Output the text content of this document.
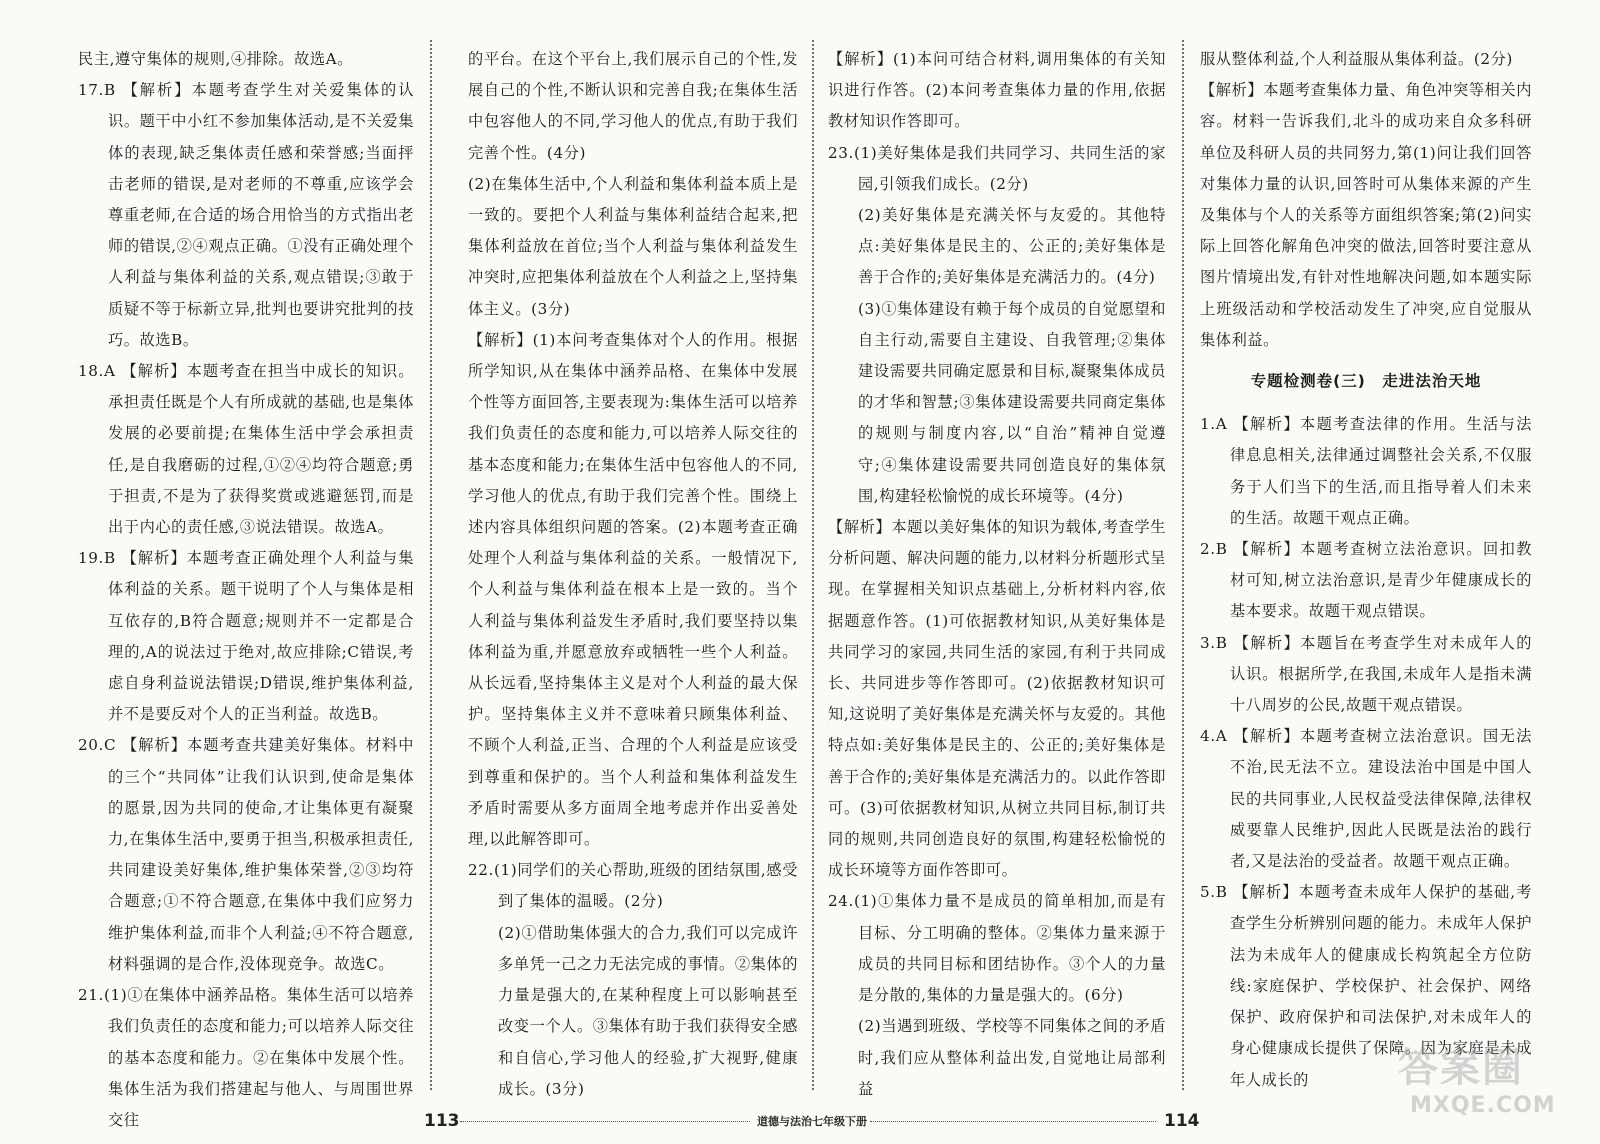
民主,遵守集体的规则,④排除。故选A。

17.B 【解析】本题考查学生对关爱集体的认识。题干中小红不参加集体活动,是不关爱集体的表现,缺乏集体责任感和荣誉感;当面抨击老师的错误,是对老师的不尊重,应该学会尊重老师,在合适的场合用恰当的方式指出老师的错误,②④观点正确。①没有正确处理个人利益与集体利益的关系,观点错误;③敢于质疑不等于标新立异,批判也要讲究批判的技巧。故选B。

18.A 【解析】本题考查在担当中成长的知识。承担责任既是个人有所成就的基础,也是集体发展的必要前提;在集体生活中学会承担责任,是自我磨砺的过程,①②④均符合题意;勇于担责,不是为了获得奖赏或逃避惩罚,而是出于内心的责任感,③说法错误。故选A。

19.B 【解析】本题考查正确处理个人利益与集体利益的关系。题干说明了个人与集体是相互依存的,B符合题意;规则并不一定都是合理的,A的说法过于绝对,故应排除;C错误,考虑自身利益说法错误;D错误,维护集体利益,并不是要反对个人的正当利益。故选B。

20.C 【解析】本题考查共建美好集体。材料中的三个“共同体”让我们认识到,使命是集体的愿景,因为共同的使命,才让集体更有凝聚力,在集体生活中,要勇于担当,积极承担责任,共同建设美好集体,维护集体荣誉,②③均符合题意;①不符合题意,在集体中我们应努力维护集体利益,而非个人利益;④不符合题意,材料强调的是合作,没体现竞争。故选C。

21.(1)①在集体中涵养品格。集体生活可以培养我们负责任的态度和能力;可以培养人际交往的基本态度和能力。②在集体中发展个性。集体生活为我们搭建起与他人、与周围世界交往

的平台。在这个平台上,我们展示自己的个性,发展自己的个性,不断认识和完善自我;在集体生活中包容他人的不同,学习他人的优点,有助于我们完善个性。(4分)

(2)在集体生活中,个人利益和集体利益本质上是一致的。要把个人利益与集体利益结合起来,把集体利益放在首位;当个人利益与集体利益发生冲突时,应把集体利益放在个人利益之上,坚持集体主义。(3分)

【解析】(1)本问考查集体对个人的作用。根据所学知识,从在集体中涵养品格、在集体中发展个性等方面回答,主要表现为:集体生活可以培养我们负责任的态度和能力,可以培养人际交往的基本态度和能力;在集体生活中包容他人的不同,学习他人的优点,有助于我们完善个性。围绕上述内容具体组织问题的答案。(2)本题考查正确处理个人利益与集体利益的关系。一般情况下,个人利益与集体利益在根本上是一致的。当个人利益与集体利益发生矛盾时,我们要坚持以集体利益为重,并愿意放弃或牺牲一些个人利益。从长远看,坚持集体主义是对个人利益的最大保护。坚持集体主义并不意味着只顾集体利益、不顾个人利益,正当、合理的个人利益是应该受到尊重和保护的。当个人利益和集体利益发生矛盾时需要从多方面周全地考虑并作出妥善处理,以此解答即可。

22.(1)同学们的关心帮助,班级的团结氛围,感受到了集体的温暖。(2分)

(2)①借助集体强大的合力,我们可以完成许多单凭一己之力无法完成的事情。②集体的力量是强大的,在某种程度上可以影响甚至改变一个人。③集体有助于我们获得安全感和自信心,学习他人的经验,扩大视野,健康成长。(3分)

【解析】(1)本问可结合材料,调用集体的有关知识进行作答。(2)本问考查集体力量的作用,依据教材知识作答即可。

23.(1)美好集体是我们共同学习、共同生活的家园,引领我们成长。(2分)

(2)美好集体是充满关怀与友爱的。其他特点:美好集体是民主的、公正的;美好集体是善于合作的;美好集体是充满活力的。(4分)

(3)①集体建设有赖于每个成员的自觉愿望和自主行动,需要自主建设、自我管理;②集体建设需要共同确定愿景和目标,凝聚集体成员的才华和智慧;③集体建设需要共同商定集体的规则与制度内容,以“自治”精神自觉遵守;④集体建设需要共同创造良好的集体氛围,构建轻松愉悦的成长环境等。(4分)

【解析】本题以美好集体的知识为载体,考查学生分析问题、解决问题的能力,以材料分析题形式呈现。在掌握相关知识点基础上,分析材料内容,依据题意作答。(1)可依据教材知识,从美好集体是共同学习的家园,共同生活的家园,有利于共同成长、共同进步等作答即可。(2)依据教材知识可知,这说明了美好集体是充满关怀与友爱的。其他特点如:美好集体是民主的、公正的;美好集体是善于合作的;美好集体是充满活力的。以此作答即可。(3)可依据教材知识,从树立共同目标,制订共同的规则,共同创造良好的氛围,构建轻松愉悦的成长环境等方面作答即可。

24.(1)①集体力量不是成员的简单相加,而是有目标、分工明确的整体。②集体力量来源于成员的共同目标和团结协作。③个人的力量是分散的,集体的力量是强大的。(6分)

(2)当遇到班级、学校等不同集体之间的矛盾时,我们应从整体利益出发,自觉地让局部利益

服从整体利益,个人利益服从集体利益。(2分)

【解析】本题考查集体力量、角色冲突等相关内容。材料一告诉我们,北斗的成功来自众多科研单位及科研人员的共同努力,第(1)问让我们回答对集体力量的认识,回答时可从集体来源的产生及集体与个人的关系等方面组织答案;第(2)问实际上回答化解角色冲突的做法,回答时要注意从图片情境出发,有针对性地解决问题,如本题实际上班级活动和学校活动发生了冲突,应自觉服从集体利益。

专题检测卷(三)　走进法治天地

1.A 【解析】本题考查法律的作用。生活与法律息息相关,法律通过调整社会关系,不仅服务于人们当下的生活,而且指导着人们未来的生活。故题干观点正确。

2.B 【解析】本题考查树立法治意识。回扣教材可知,树立法治意识,是青少年健康成长的基本要求。故题干观点错误。

3.B 【解析】本题旨在考查学生对未成年人的认识。根据所学,在我国,未成年人是指未满十八周岁的公民,故题干观点错误。

4.A 【解析】本题考查树立法治意识。国无法不治,民无法不立。建设法治中国是中国人民的共同事业,人民权益受法律保障,法律权威要靠人民维护,因此人民既是法治的践行者,又是法治的受益者。故题干观点正确。

5.B 【解析】本题考查未成年人保护的基础,考查学生分析辨别问题的能力。未成年人保护法为未成年人的健康成长构筑起全方位防线:家庭保护、学校保护、社会保护、网络保护、政府保护和司法保护,对未成年人的身心健康成长提供了保障。因为家庭是未成年人成长的

113	道德与法治七年级下册	114
答案圈
MXQE.COM
